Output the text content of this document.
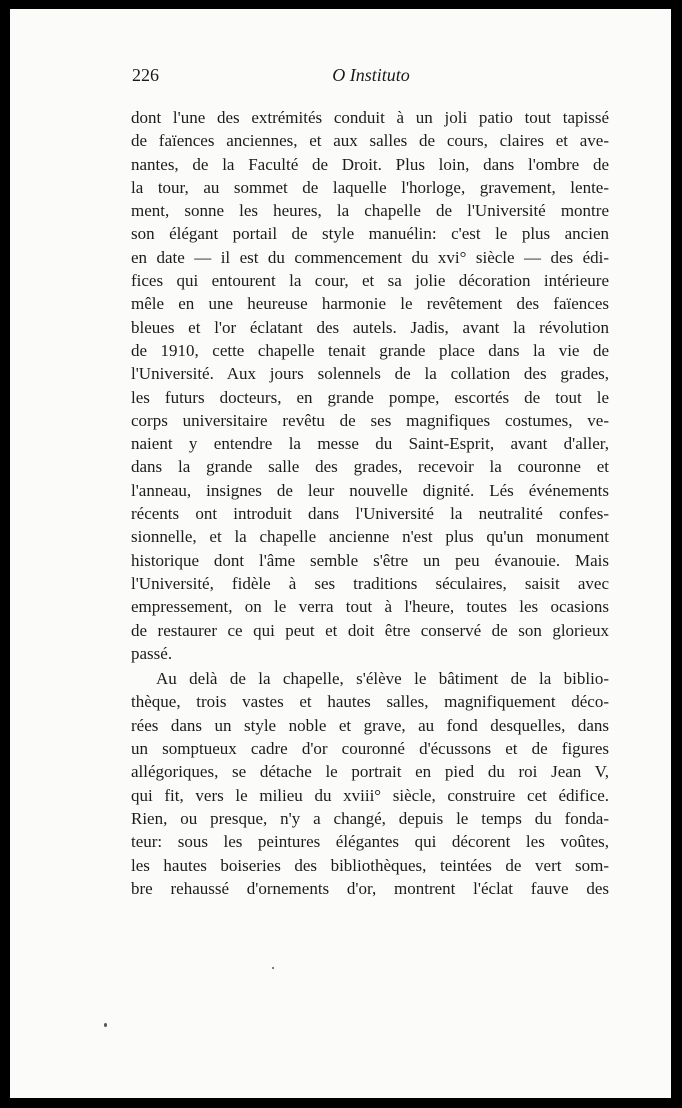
226	O Instituto
dont l'une des extrémités conduit à un joli patio tout tapissé
de faïences anciennes, et aux salles de cours, claires et ave-
nantes, de la Faculté de Droit. Plus loin, dans l'ombre de
la tour, au sommet de laquelle l'horloge, gravement, lente-
ment, sonne les heures, la chapelle de l'Université montre
son élégant portail de style manuélin: c'est le plus ancien
en date — il est du commencement du xvi° siècle — des édi-
fices qui entourent la cour, et sa jolie décoration intérieure
mêle en une heureuse harmonie le revêtement des faïences
bleues et l'or éclatant des autels. Jadis, avant la révolution
de 1910, cette chapelle tenait grande place dans la vie de
l'Université. Aux jours solennels de la collation des grades,
les futurs docteurs, en grande pompe, escortés de tout le
corps universitaire revêtu de ses magnifiques costumes, ve-
naient y entendre la messe du Saint-Esprit, avant d'aller,
dans la grande salle des grades, recevoir la couronne et
l'anneau, insignes de leur nouvelle dignité. Lés événements
récents ont introduit dans l'Université la neutralité confes-
sionnelle, et la chapelle ancienne n'est plus qu'un monument
historique dont l'âme semble s'être un peu évanouie. Mais
l'Université, fidèle à ses traditions séculaires, saisit avec
empressement, on le verra tout à l'heure, toutes les ocasions
de restaurer ce qui peut et doit être conservé de son glorieux
passé.
Au delà de la chapelle, s'élève le bâtiment de la biblio-
thèque, trois vastes et hautes salles, magnifiquement déco-
rées dans un style noble et grave, au fond desquelles, dans
un somptueux cadre d'or couronné d'écussons et de figures
allégoriques, se détache le portrait en pied du roi Jean V,
qui fit, vers le milieu du xviii° siècle, construire cet édifice.
Rien, ou presque, n'y a changé, depuis le temps du fonda-
teur: sous les peintures élégantes qui décorent les voûtes,
les hautes boiseries des bibliothèques, teintées de vert som-
bre rehaussé d'ornements d'or, montrent l'éclat fauve des
